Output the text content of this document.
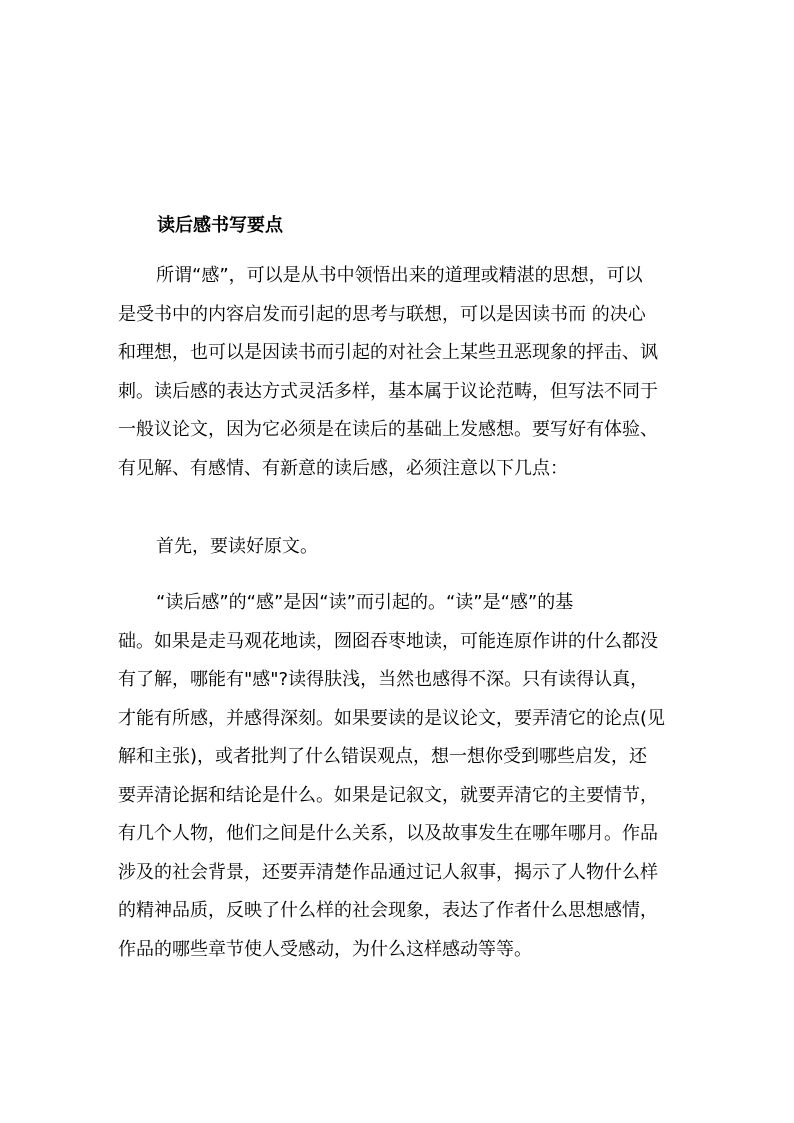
读后感书写要点
所谓“感”，可以是从书中领悟出来的道理或精湛的思想，可以
是受书中的内容启发而引起的思考与联想，可以是因读书而 的决心
和理想，也可以是因读书而引起的对社会上某些丑恶现象的抨击、讽
刺。读后感的表达方式灵活多样，基本属于议论范畴，但写法不同于
一般议论文，因为它必须是在读后的基础上发感想。要写好有体验、
有见解、有感情、有新意的读后感，必须注意以下几点：
首先，要读好原文。
“读后感”的“感”是因“读”而引起的。“读”是“感”的基
础。如果是走马观花地读，囫囵吞枣地读，可能连原作讲的什么都没
有了解，哪能有"感"?读得肤浅，当然也感得不深。只有读得认真，
才能有所感，并感得深刻。如果要读的是议论文，要弄清它的论点(见
解和主张)，或者批判了什么错误观点，想一想你受到哪些启发，还
要弄清论据和结论是什么。如果是记叙文，就要弄清它的主要情节，
有几个人物，他们之间是什么关系，以及故事发生在哪年哪月。作品
涉及的社会背景，还要弄清楚作品通过记人叙事，揭示了人物什么样
的精神品质，反映了什么样的社会现象，表达了作者什么思想感情，
作品的哪些章节使人受感动，为什么这样感动等等。
